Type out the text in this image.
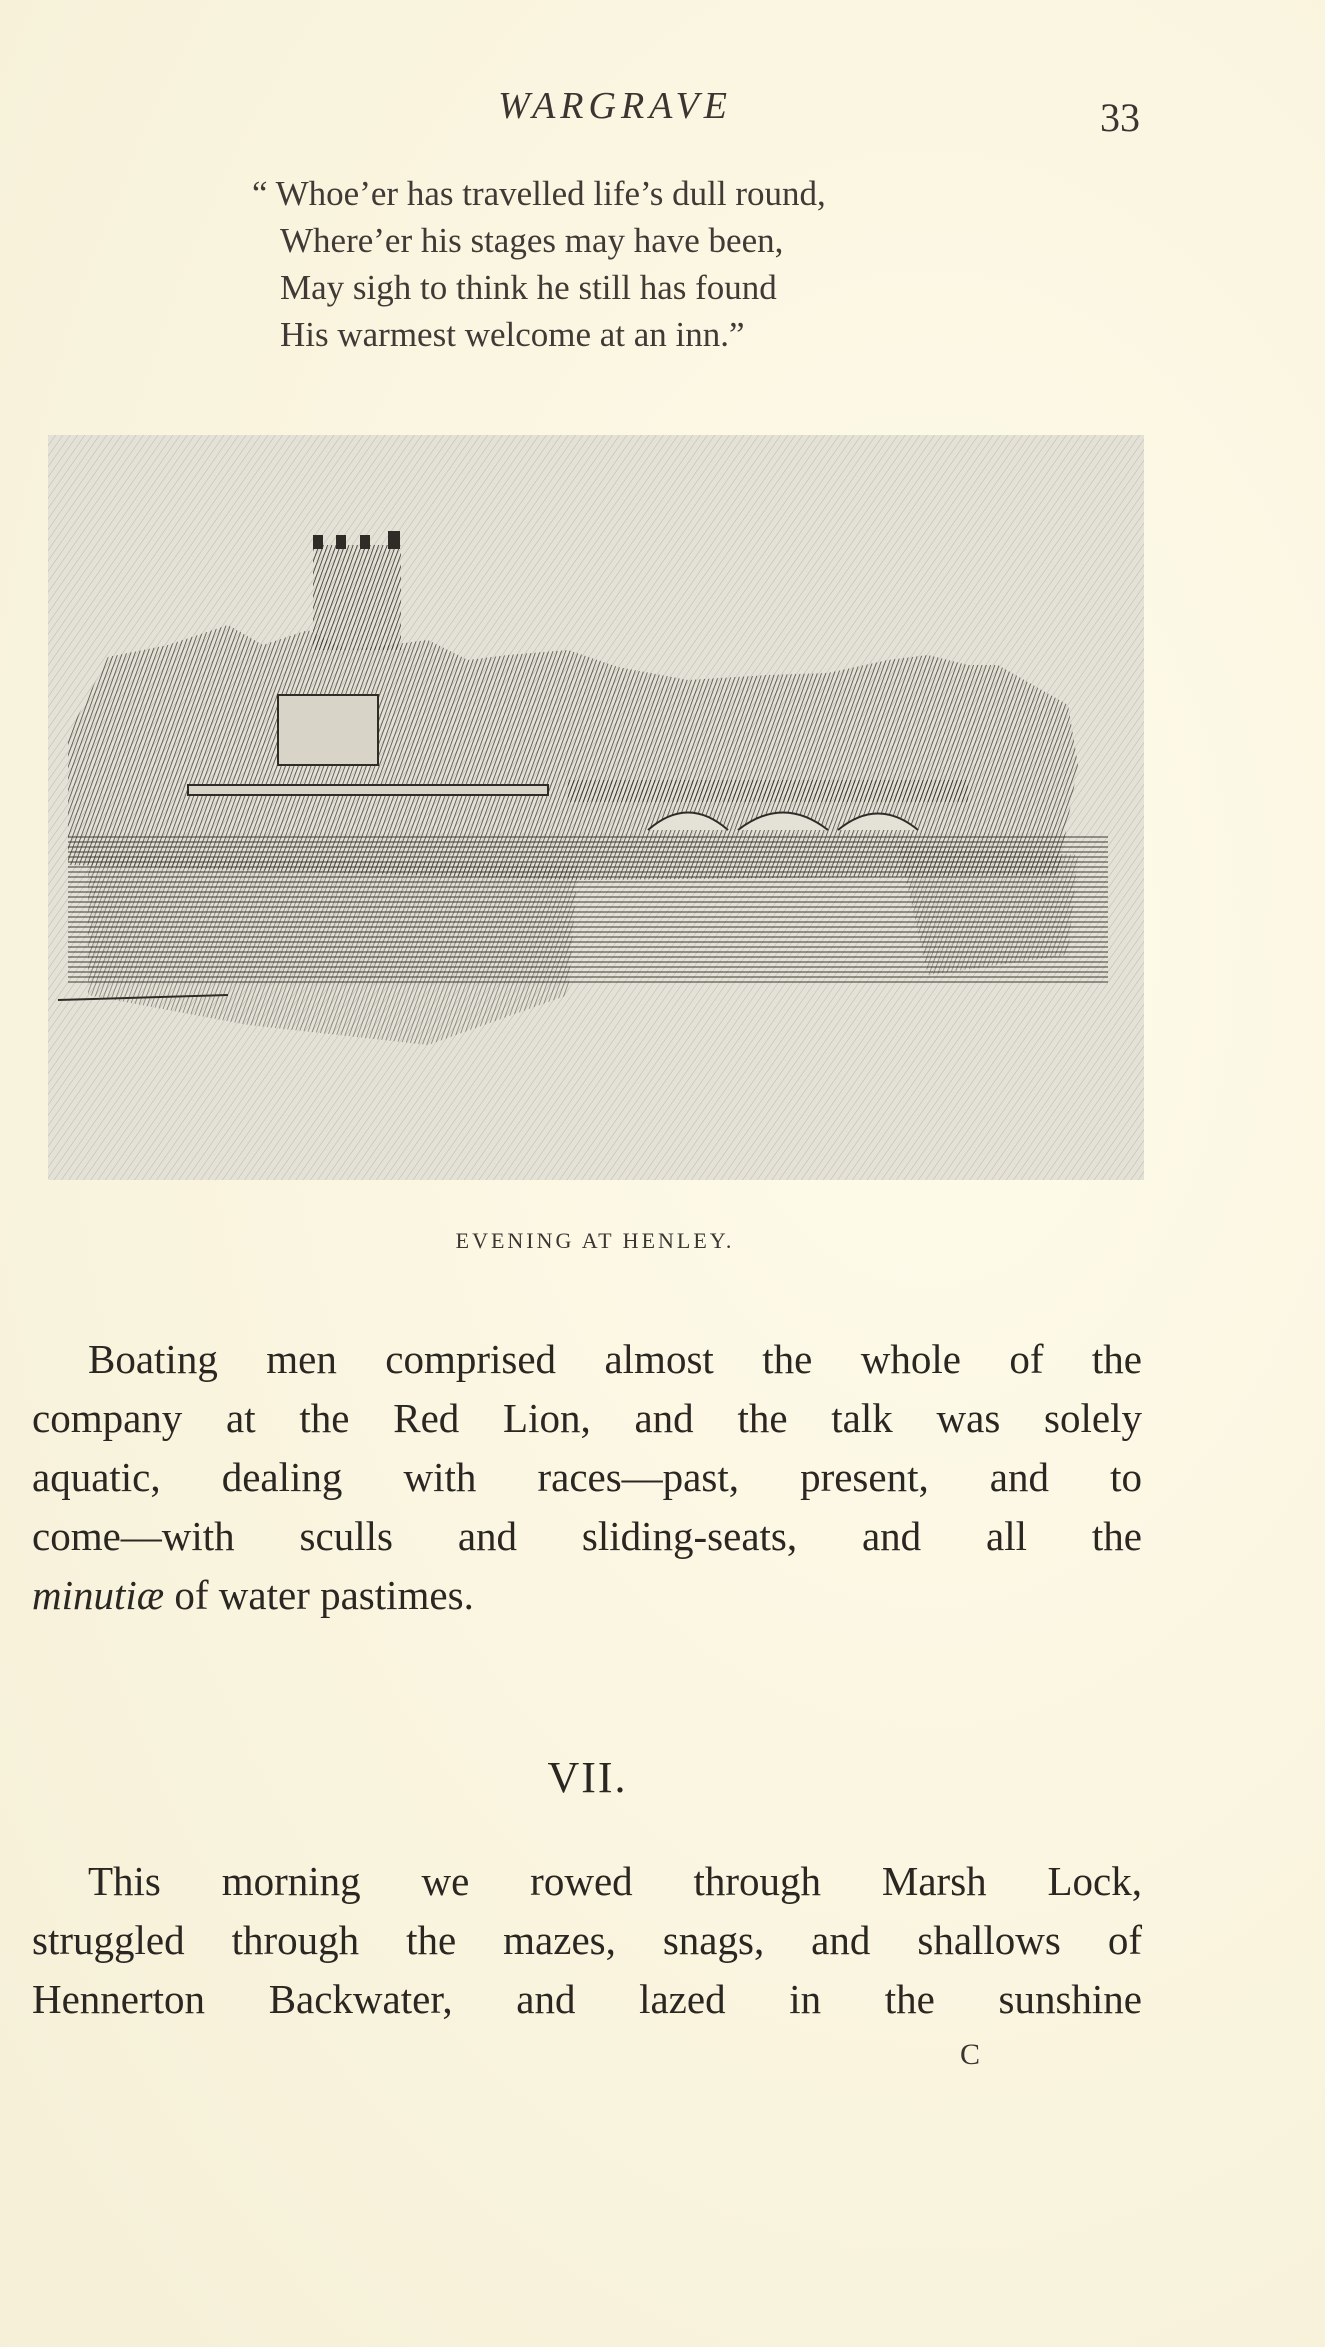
WARGRAVE	33
“ Whoe’er has travelled life’s dull round,
Where’er his stages may have been,
May sigh to think he still has found
His warmest welcome at an inn.”
EVENING AT HENLEY.
Boating men comprised almost the whole of the
company at the Red Lion, and the talk was solely
aquatic, dealing with races—past, present, and to
come—with sculls and sliding-seats, and all the
minutiæ of water pastimes.
VII.
This morning we rowed through Marsh Lock,
struggled through the mazes, snags, and shallows of
Hennerton Backwater, and lazed in the sunshine
C
